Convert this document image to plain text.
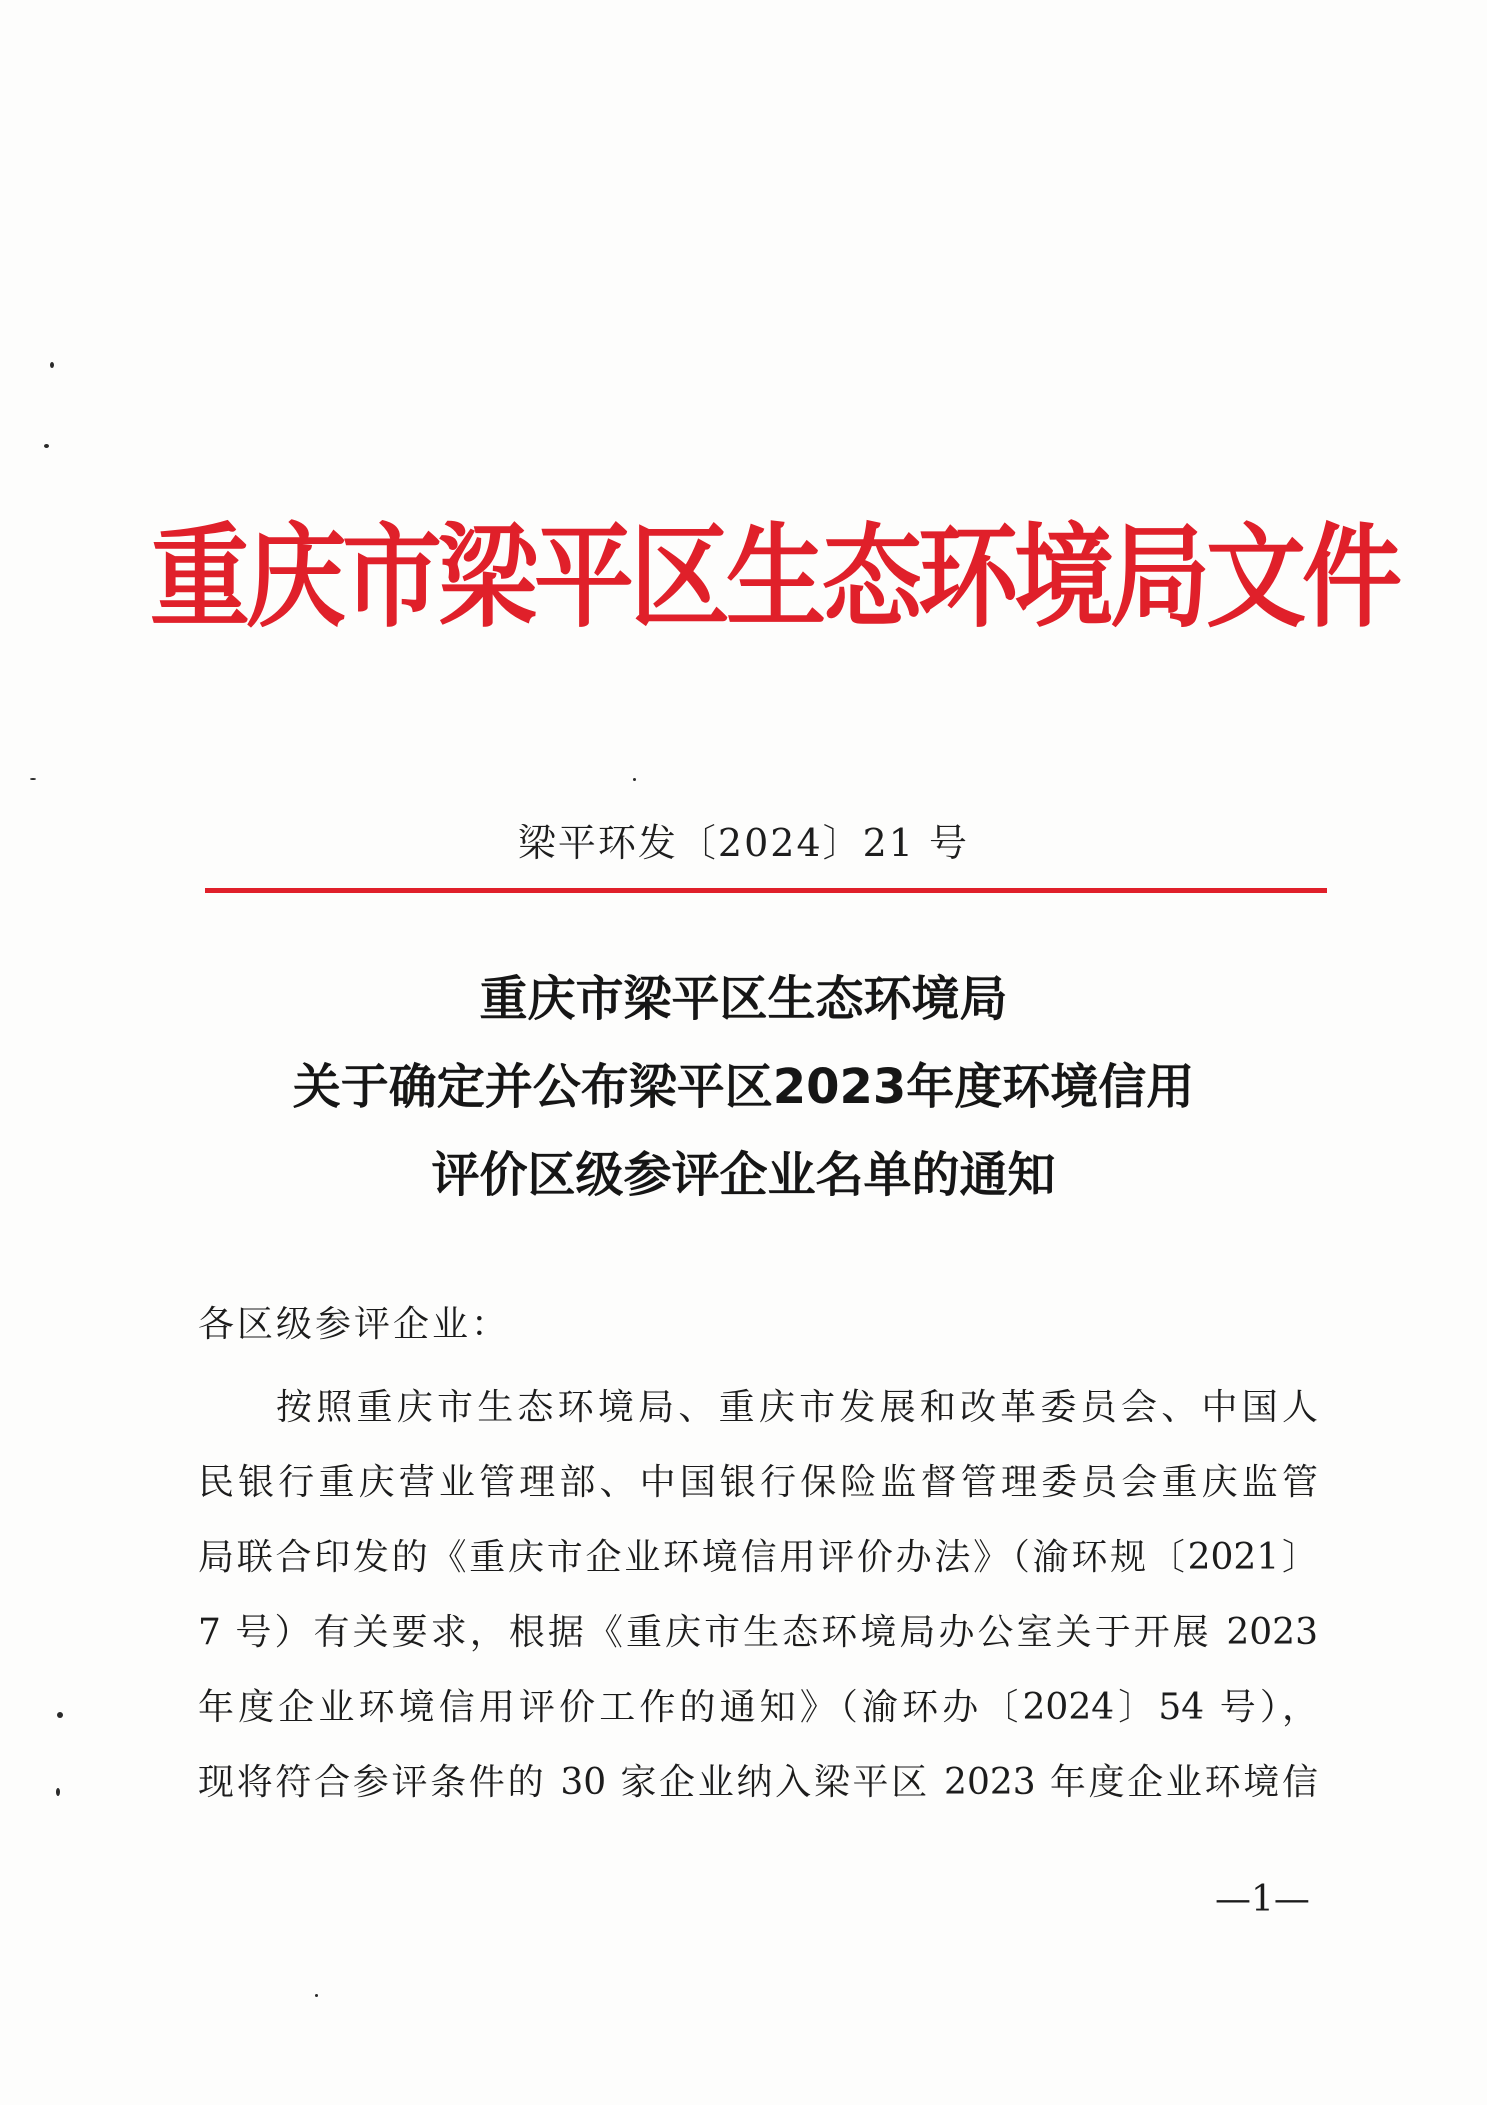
重庆市梁平区生态环境局文件
梁平环发〔2024〕21 号
重庆市梁平区生态环境局
关于确定并公布梁平区2023年度环境信用
评价区级参评企业名单的通知
各区级参评企业：
按照重庆市生态环境局、重庆市发展和改革委员会、中国人
民银行重庆营业管理部、中国银行保险监督管理委员会重庆监管
局联合印发的《重庆市企业环境信用评价办法》（渝环规〔2021〕
7 号）有关要求，根据《重庆市生态环境局办公室关于开展 2023
年度企业环境信用评价工作的通知》（渝环办〔2024〕54 号），
现将符合参评条件的 30 家企业纳入梁平区 2023 年度企业环境信
—1—
